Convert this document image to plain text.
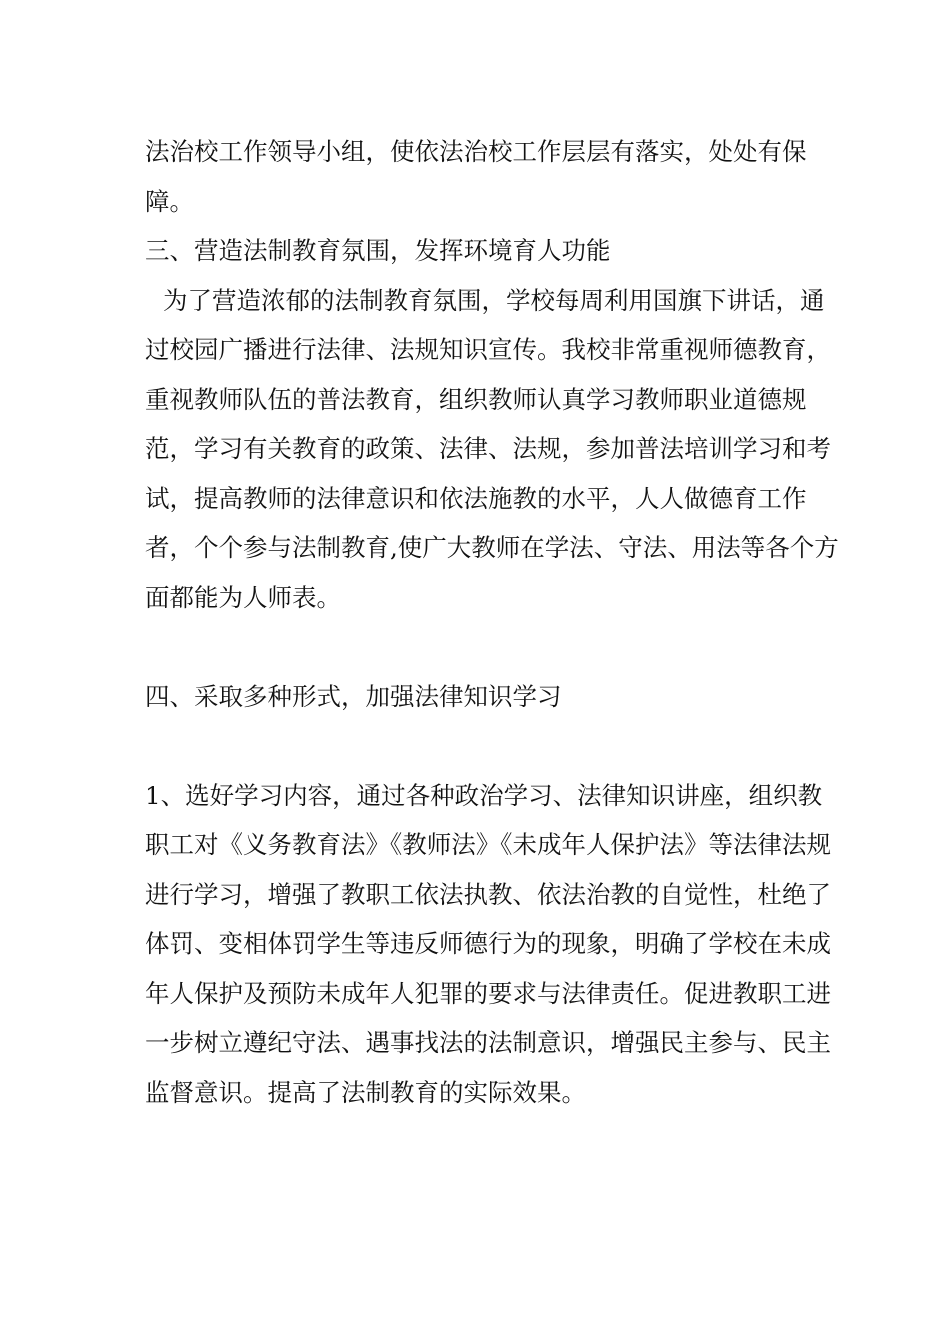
法治校工作领导小组，使依法治校工作层层有落实，处处有保障。

三、营造法制教育氛围，发挥环境育人功能

为了营造浓郁的法制教育氛围，学校每周利用国旗下讲话，通过校园广播进行法律、法规知识宣传。我校非常重视师德教育，重视教师队伍的普法教育，组织教师认真学习教师职业道德规范，学习有关教育的政策、法律、法规，参加普法培训学习和考试，提高教师的法律意识和依法施教的水平，人人做德育工作者，个个参与法制教育,使广大教师在学法、守法、用法等各个方面都能为人师表。

四、采取多种形式，加强法律知识学习

1、选好学习内容，通过各种政治学习、法律知识讲座，组织教职工对《义务教育法》《教师法》《未成年人保护法》等法律法规进行学习，增强了教职工依法执教、依法治教的自觉性，杜绝了体罚、变相体罚学生等违反师德行为的现象，明确了学校在未成年人保护及预防未成年人犯罪的要求与法律责任。促进教职工进一步树立遵纪守法、遇事找法的法制意识，增强民主参与、民主监督意识。提高了法制教育的实际效果。
